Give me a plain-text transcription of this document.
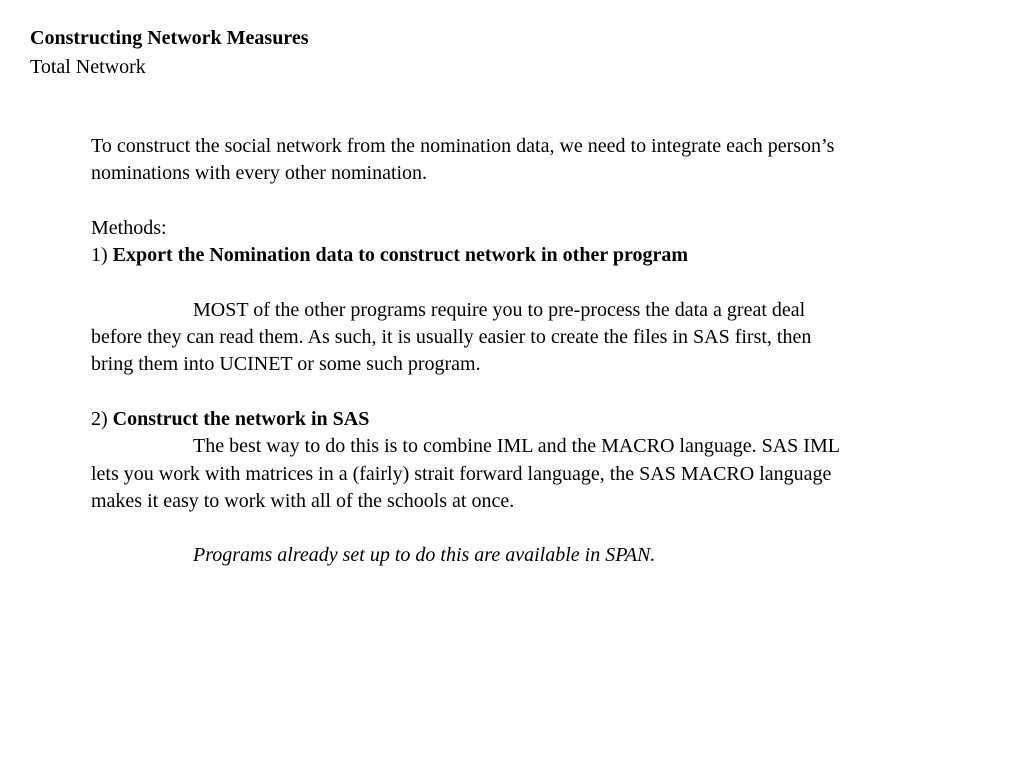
Constructing Network Measures
Total Network
To construct the social network from the nomination data, we need to integrate each person’s
nominations with every other nomination.
Methods:
1) Export the Nomination data to construct network in other program
MOST of the other programs require you to pre-process the data a great deal
before they can read them. As such, it is usually easier to create the files in SAS first, then
bring them into UCINET or some such program.
2) Construct the network in SAS
The best way to do this is to combine IML and the MACRO language. SAS IML
lets you work with matrices in a (fairly) strait forward language, the SAS MACRO language
makes it easy to work with all of the schools at once.
Programs already set up to do this are available in SPAN.
